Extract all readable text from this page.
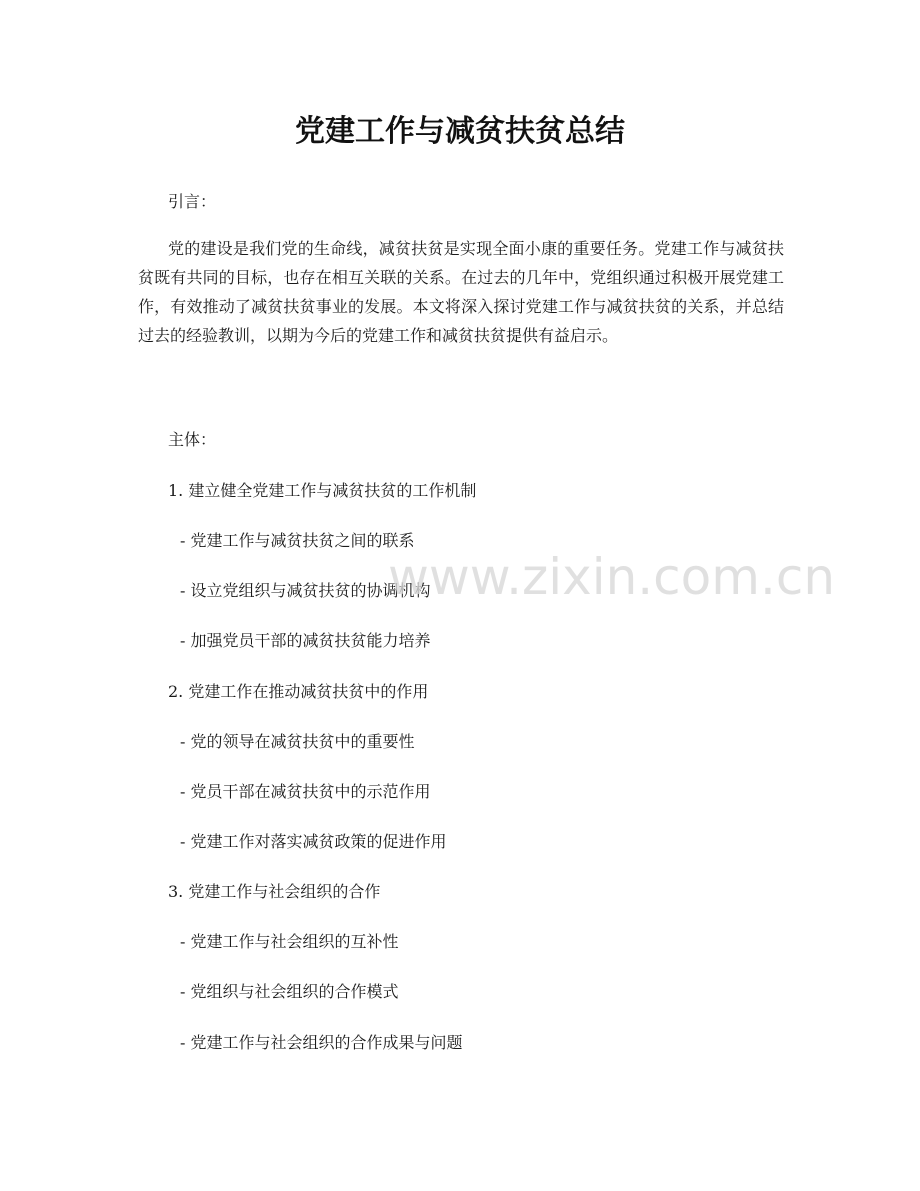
党建工作与减贫扶贫总结
引言：

党的建设是我们党的生命线，减贫扶贫是实现全面小康的重要任务。党建工作与减贫扶贫既有共同的目标，也存在相互关联的关系。在过去的几年中，党组织通过积极开展党建工作，有效推动了减贫扶贫事业的发展。本文将深入探讨党建工作与减贫扶贫的关系，并总结过去的经验教训，以期为今后的党建工作和减贫扶贫提供有益启示。

主体：
1. 建立健全党建工作与减贫扶贫的工作机制
- 党建工作与减贫扶贫之间的联系
- 设立党组织与减贫扶贫的协调机构
- 加强党员干部的减贫扶贫能力培养
2. 党建工作在推动减贫扶贫中的作用
- 党的领导在减贫扶贫中的重要性
- 党员干部在减贫扶贫中的示范作用
- 党建工作对落实减贫政策的促进作用
3. 党建工作与社会组织的合作
- 党建工作与社会组织的互补性
- 党组织与社会组织的合作模式
- 党建工作与社会组织的合作成果与问题
www.zixin.com.cn
